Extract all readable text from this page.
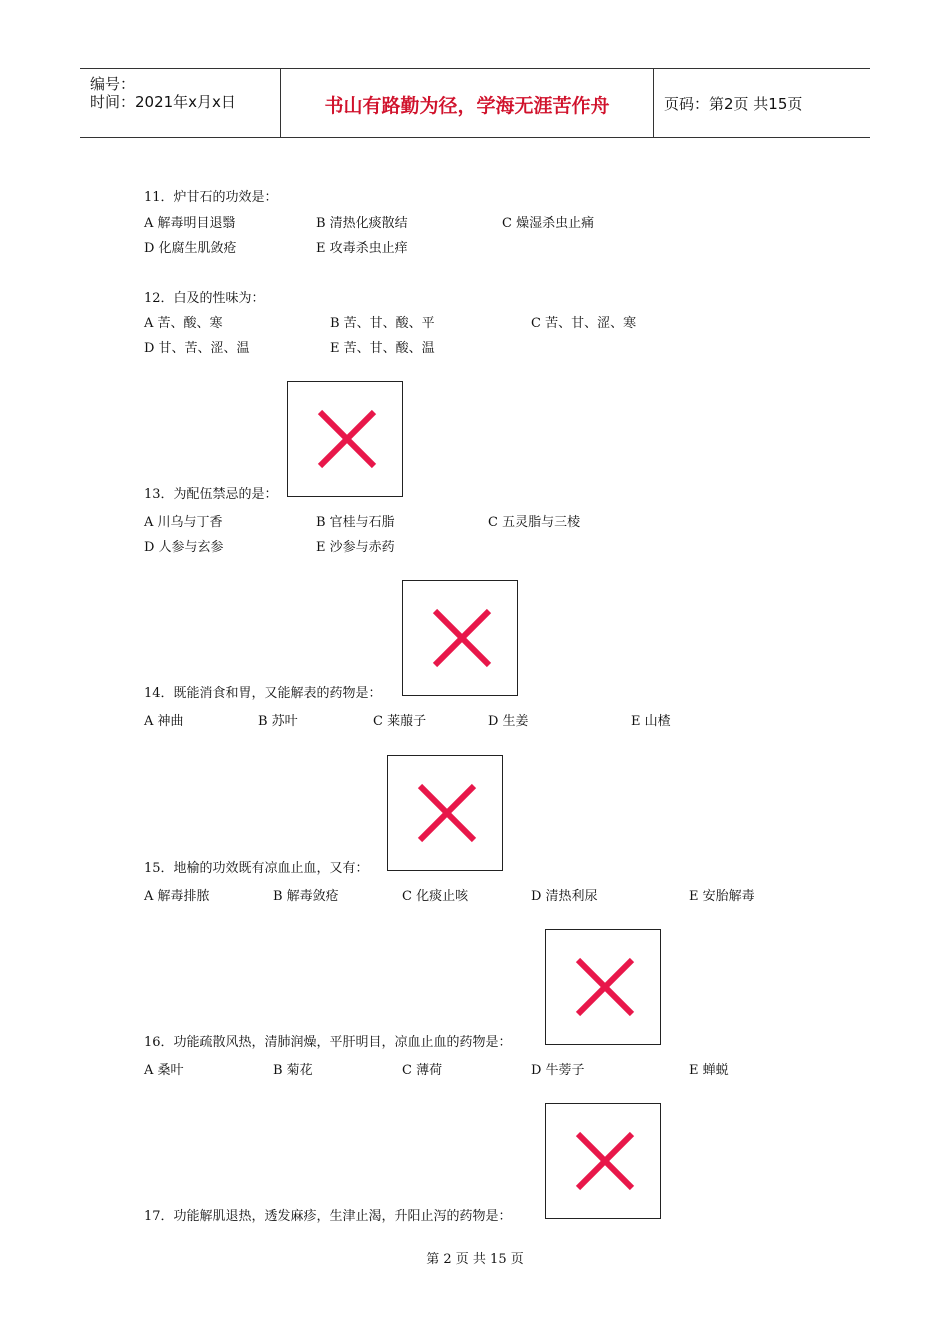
编号：
时间：2021年x月x日	书山有路勤为径，学海无涯苦作舟	页码：第2页 共15页
11．炉甘石的功效是：
A 解毒明目退翳	B 清热化痰散结	C 燥湿杀虫止痛
D 化腐生肌敛疮	E 攻毒杀虫止痒
12．白及的性味为：
A 苦、酸、寒	B 苦、甘、酸、平	C 苦、甘、涩、寒
D 甘、苦、涩、温	E 苦、甘、酸、温
13．为配伍禁忌的是：
A 川乌与丁香	B 官桂与石脂	C 五灵脂与三棱
D 人参与玄参	E 沙参与赤药
14．既能消食和胃，又能解表的药物是：
A 神曲	B 苏叶	C 莱菔子	D 生姜	E 山楂
15．地榆的功效既有凉血止血，又有：
A 解毒排脓	B 解毒敛疮	C 化痰止咳	D 清热利尿	E 安胎解毒
16．功能疏散风热，清肺润燥，平肝明目，凉血止血的药物是：
A 桑叶	B 菊花	C 薄荷	D 牛蒡子	E 蝉蜕
17．功能解肌退热，透发麻疹，生津止渴，升阳止泻的药物是：
第 2 页 共 15 页
